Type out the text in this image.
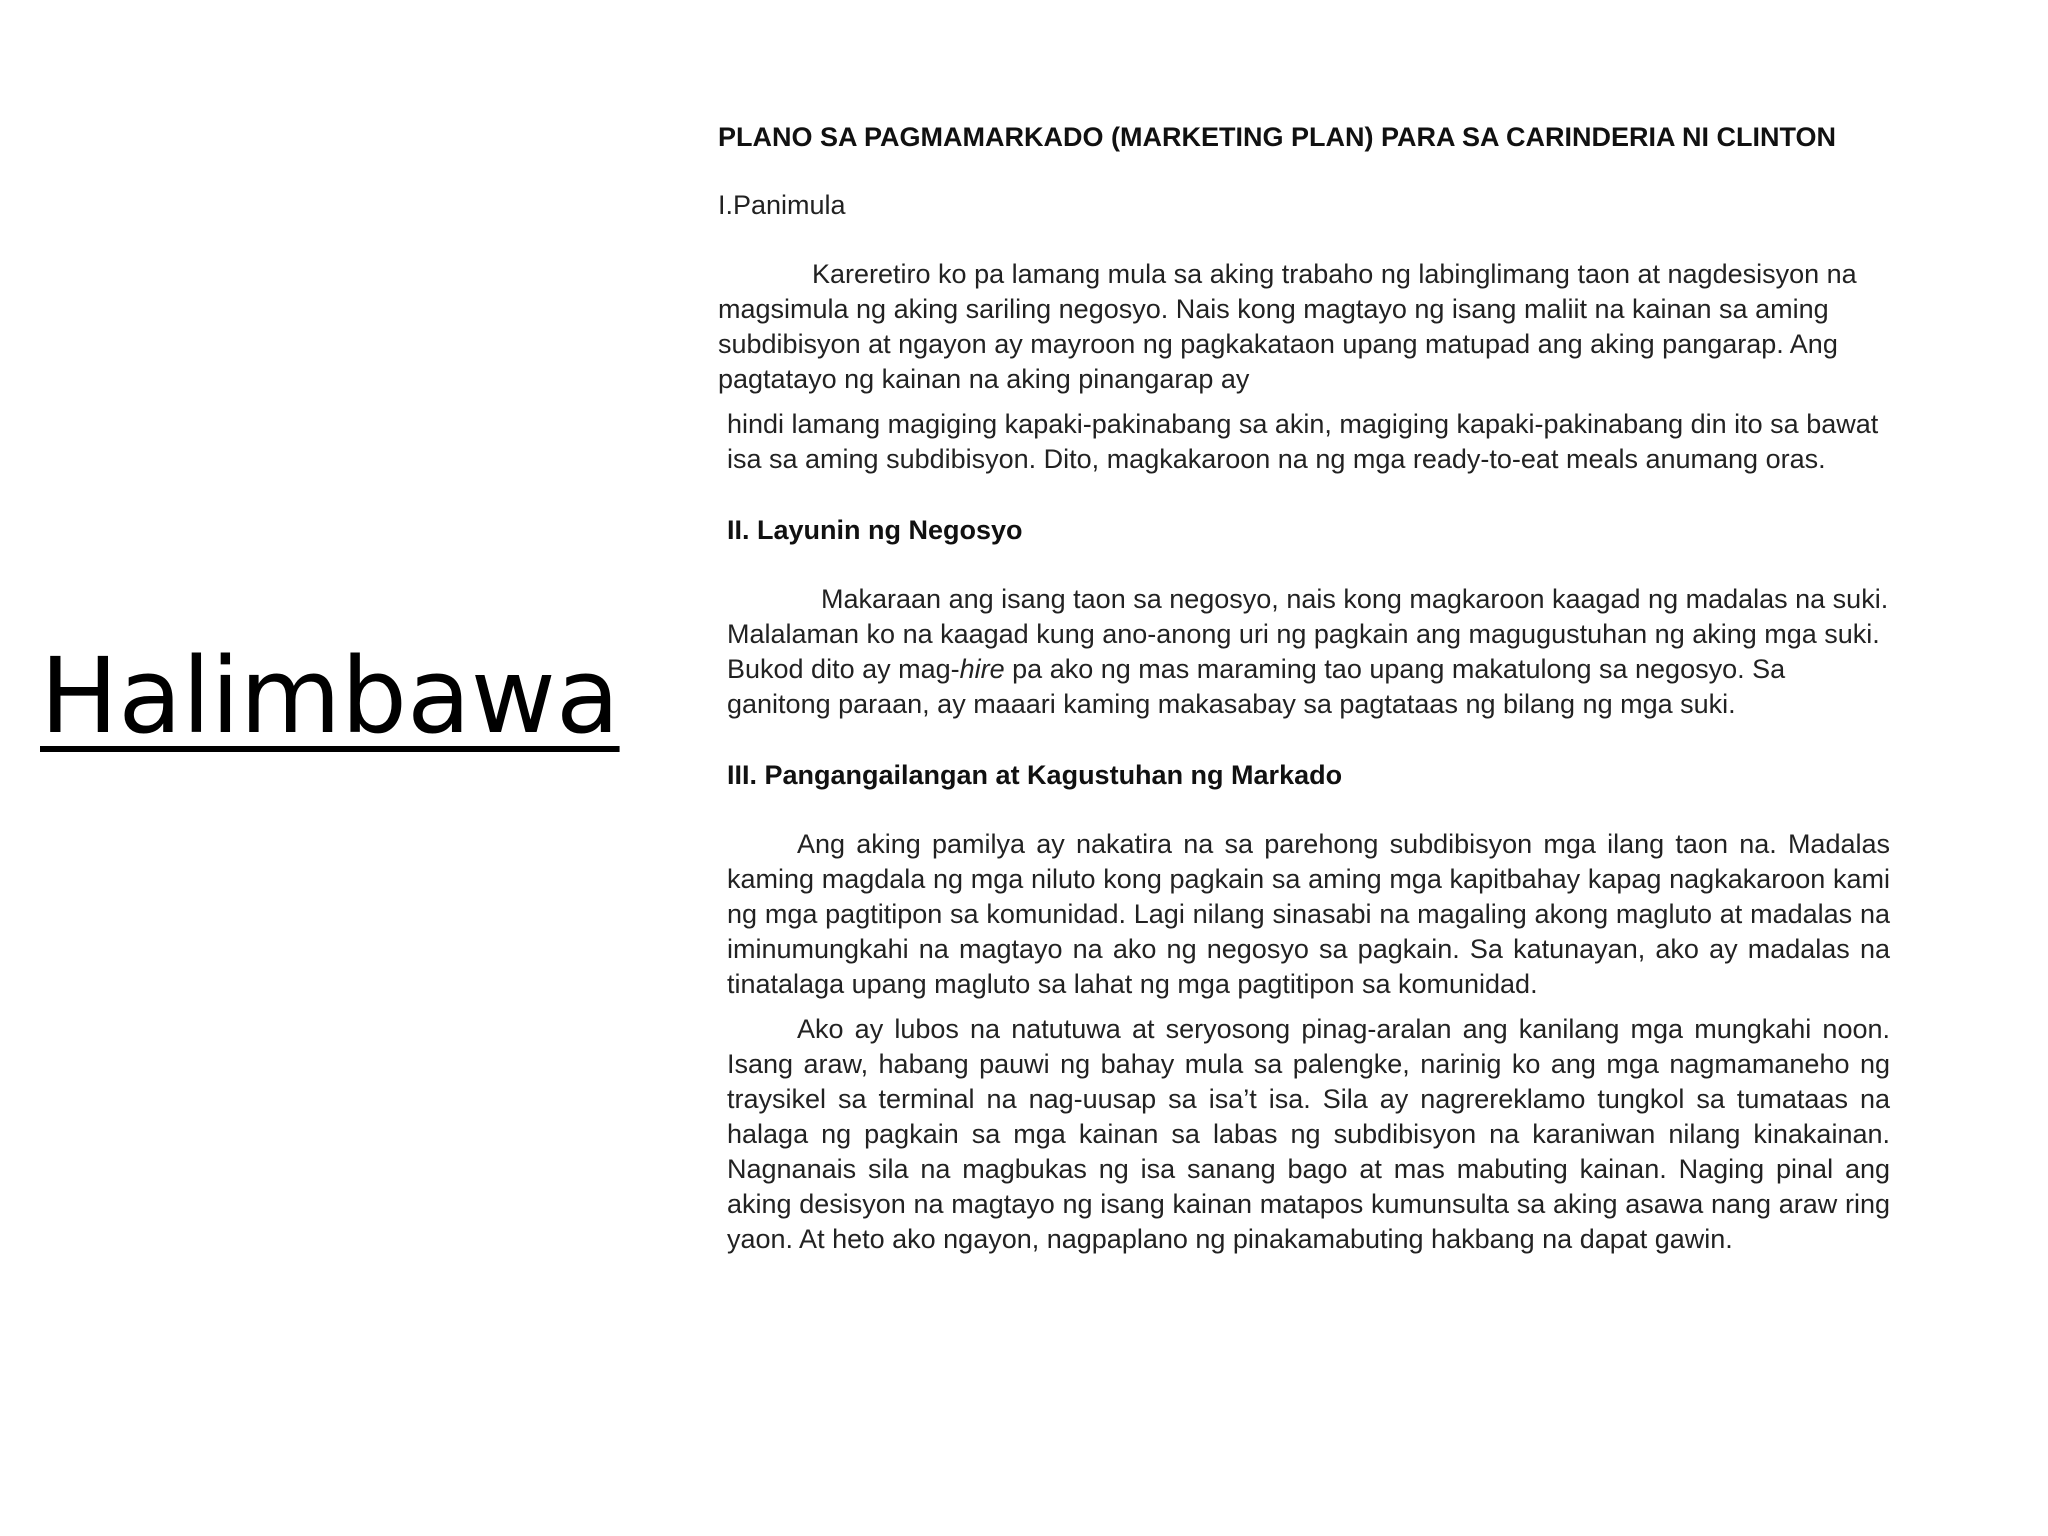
Halimbawa
PLANO SA PAGMAMARKADO (MARKETING PLAN) PARA SA CARINDERIA NI CLINTON
I.Panimula

Kareretiro ko pa lamang mula sa aking trabaho ng labinglimang taon at nagdesisyon na magsimula ng aking sariling negosyo. Nais kong magtayo ng isang maliit na kainan sa aming subdibisyon at ngayon ay mayroon ng pagkakataon upang matupad ang aking pangarap. Ang pagtatayo ng kainan na aking pinangarap ay

hindi lamang magiging kapaki-pakinabang sa akin, magiging kapaki-pakinabang din ito sa bawat isa sa aming subdibisyon. Dito, magkakaroon na ng mga ready-to-eat meals anumang oras.

II. Layunin ng Negosyo

Makaraan ang isang taon sa negosyo, nais kong magkaroon kaagad ng madalas na suki. Malalaman ko na kaagad kung ano-anong uri ng pagkain ang magugustuhan ng aking mga suki. Bukod dito ay mag-hire pa ako ng mas maraming tao upang makatulong sa negosyo. Sa ganitong paraan, ay maaari kaming makasabay sa pagtataas ng bilang ng mga suki.

III. Pangangailangan at Kagustuhan ng Markado

Ang aking pamilya ay nakatira na sa parehong subdibisyon mga ilang taon na. Madalas kaming magdala ng mga niluto kong pagkain sa aming mga kapitbahay kapag nagkakaroon kami ng mga pagtitipon sa komunidad. Lagi nilang sinasabi na magaling akong magluto at madalas na iminumungkahi na magtayo na ako ng negosyo sa pagkain. Sa katunayan, ako ay madalas na tinatalaga upang magluto sa lahat ng mga pagtitipon sa komunidad.

Ako ay lubos na natutuwa at seryosong pinag-aralan ang kanilang mga mungkahi noon. Isang araw, habang pauwi ng bahay mula sa palengke, narinig ko ang mga nagmamaneho ng traysikel sa terminal na nag-uusap sa isa’t isa. Sila ay nagrereklamo tungkol sa tumataas na halaga ng pagkain sa mga kainan sa labas ng subdibisyon na karaniwan nilang kinakainan. Nagnanais sila na magbukas ng isa sanang bago at mas mabuting kainan. Naging pinal ang aking desisyon na magtayo ng isang kainan matapos kumunsulta sa aking asawa nang araw ring yaon. At heto ako ngayon, nagpaplano ng pinakamabuting hakbang na dapat gawin.
